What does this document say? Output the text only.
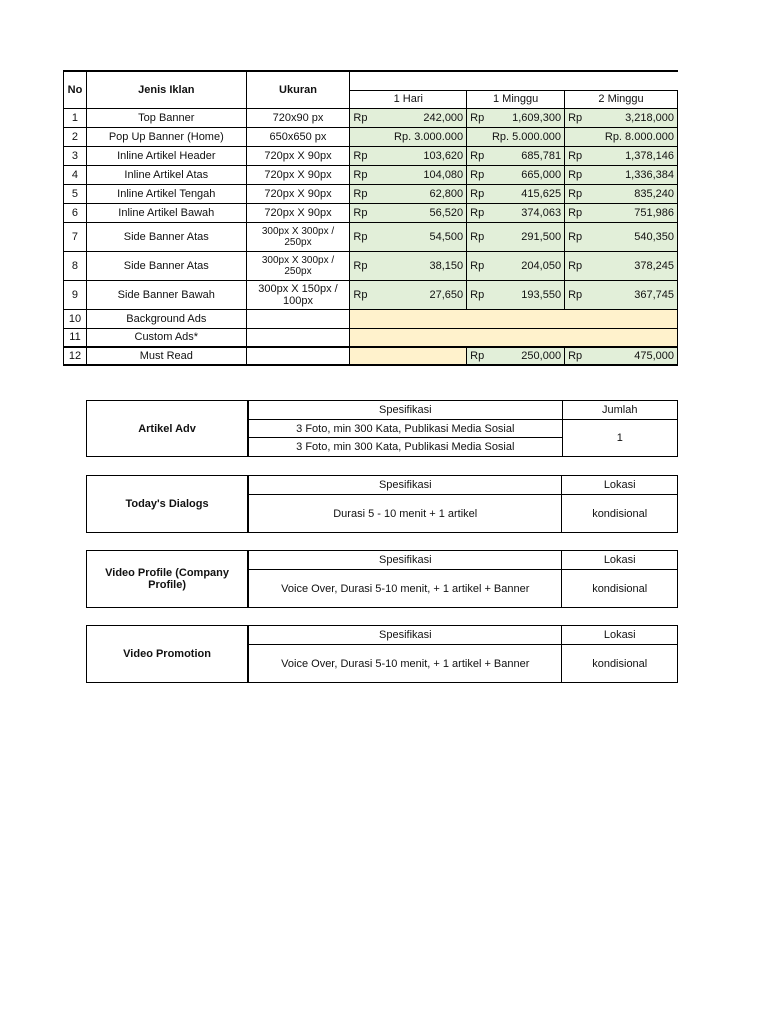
No	Jenis Iklan	Ukuran						
			1 Hari		1 Minggu		2 Minggu	
1	Top Banner	720x90 px	Rp	242,000	Rp	1,609,300	Rp	3,218,000
2	Pop Up Banner (Home)	650x650 px	Rp. 3.000.000		Rp. 5.000.000		Rp. 8.000.000	
3	Inline Artikel Header	720px X 90px	Rp	103,620	Rp	685,781	Rp	1,378,146
4	Inline Artikel Atas	720px X 90px	Rp	104,080	Rp	665,000	Rp	1,336,384
5	Inline Artikel Tengah	720px X 90px	Rp	62,800	Rp	415,625	Rp	835,240
6	Inline Artikel Bawah	720px X 90px	Rp	56,520	Rp	374,063	Rp	751,986
7	Side Banner Atas	300px X 300px / 250px	Rp	54,500	Rp	291,500	Rp	540,350
8	Side Banner Atas	300px X 300px / 250px	Rp	38,150	Rp	204,050	Rp	378,245
9	Side Banner Bawah	300px X 150px / 100px	Rp	27,650	Rp	193,550	Rp	367,745
10	Background Ads							
11	Custom Ads*							
12	Must Read				Rp	250,000	Rp	475,000
Artikel Adv	Spesifikasi	Jumlah
	3 Foto, min 300 Kata, Publikasi Media Sosial	1
	3 Foto, min 300 Kata, Publikasi Media Sosial	
Today's Dialogs	Spesifikasi	Lokasi
	Durasi 5 - 10 menit + 1 artikel	kondisional
Video Profile (Company Profile)	Spesifikasi	Lokasi
	Voice Over, Durasi 5-10 menit, + 1 artikel + Banner	kondisional
Video Promotion	Spesifikasi	Lokasi
	Voice Over, Durasi 5-10 menit, + 1 artikel + Banner	kondisional
